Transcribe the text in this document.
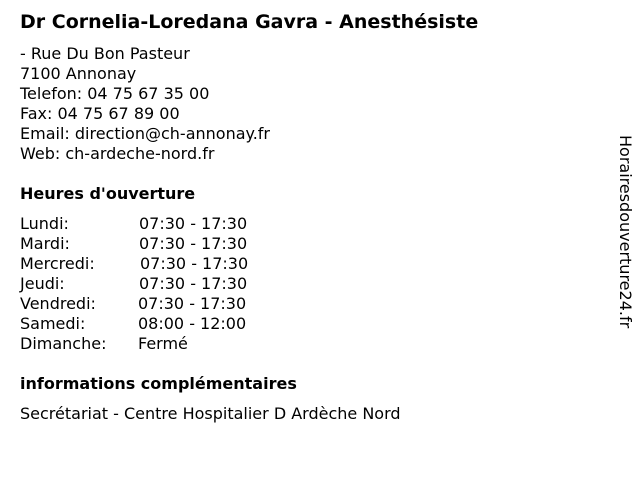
Dr Cornelia-Loredana Gavra - Anesthésiste
- Rue Du Bon Pasteur
7100 Annonay
Telefon: 04 75 67 35 00
Fax: 04 75 67 89 00
Email: direction@ch-annonay.fr
Web: ch-ardeche-nord.fr
Heures d'ouverture
Lundi:	07:30 - 17:30
Mardi:	07:30 - 17:30
Mercredi:	07:30 - 17:30
Jeudi:	07:30 - 17:30
Vendredi:	07:30 - 17:30
Samedi:	08:00 - 12:00
Dimanche: Fermé
informations complémentaires
Secrétariat - Centre Hospitalier D Ardèche Nord
Horairesdouverture24.fr
